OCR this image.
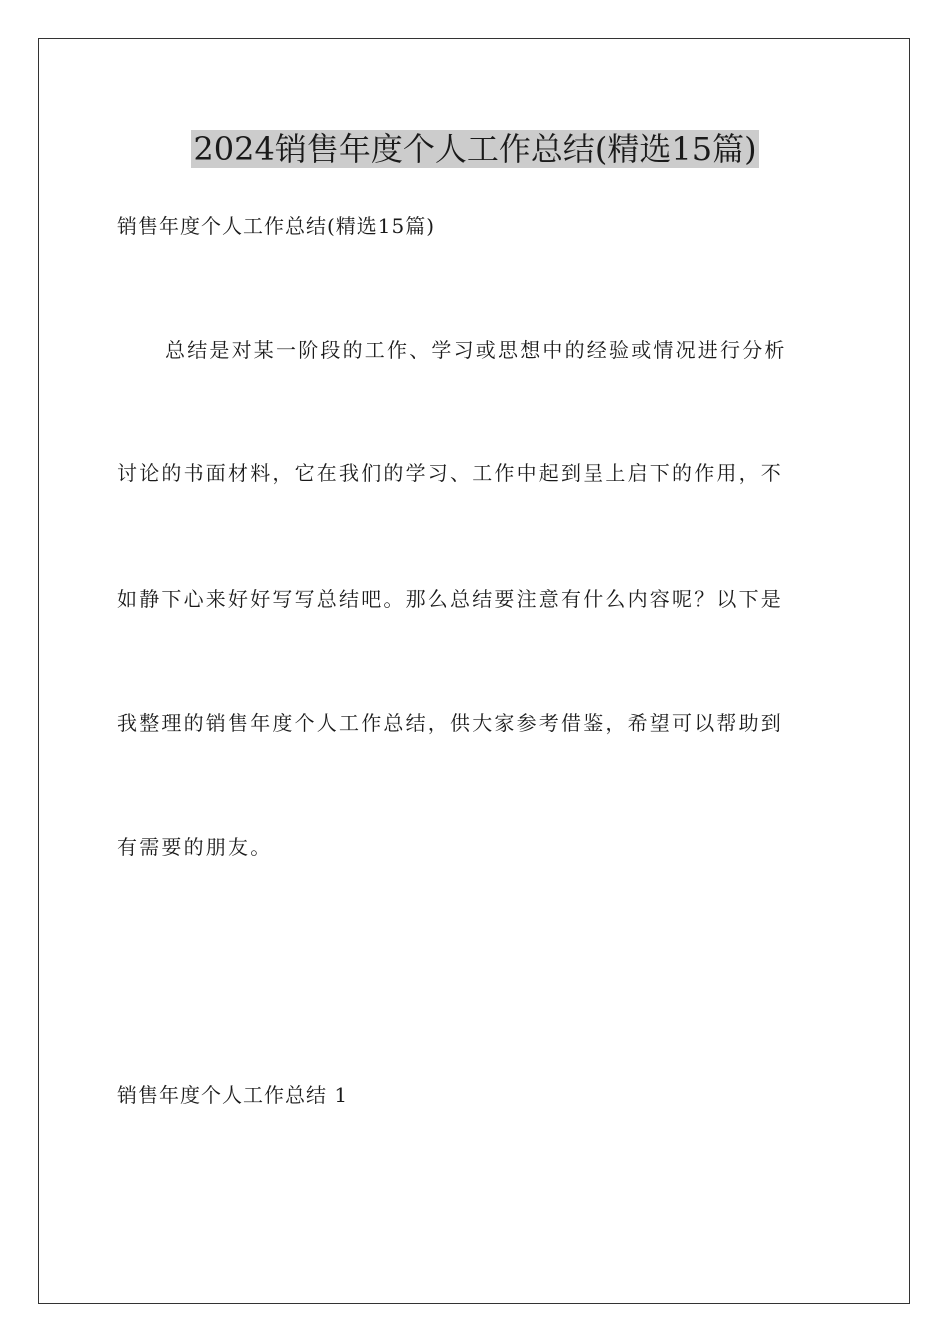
2024销售年度个人工作总结(精选15篇)

销售年度个人工作总结(精选15篇)

总结是对某一阶段的工作、学习或思想中的经验或情况进行分析

讨论的书面材料，它在我们的学习、工作中起到呈上启下的作用，不

如静下心来好好写写总结吧。那么总结要注意有什么内容呢？以下是

我整理的销售年度个人工作总结，供大家参考借鉴，希望可以帮助到

有需要的朋友。

销售年度个人工作总结 1
